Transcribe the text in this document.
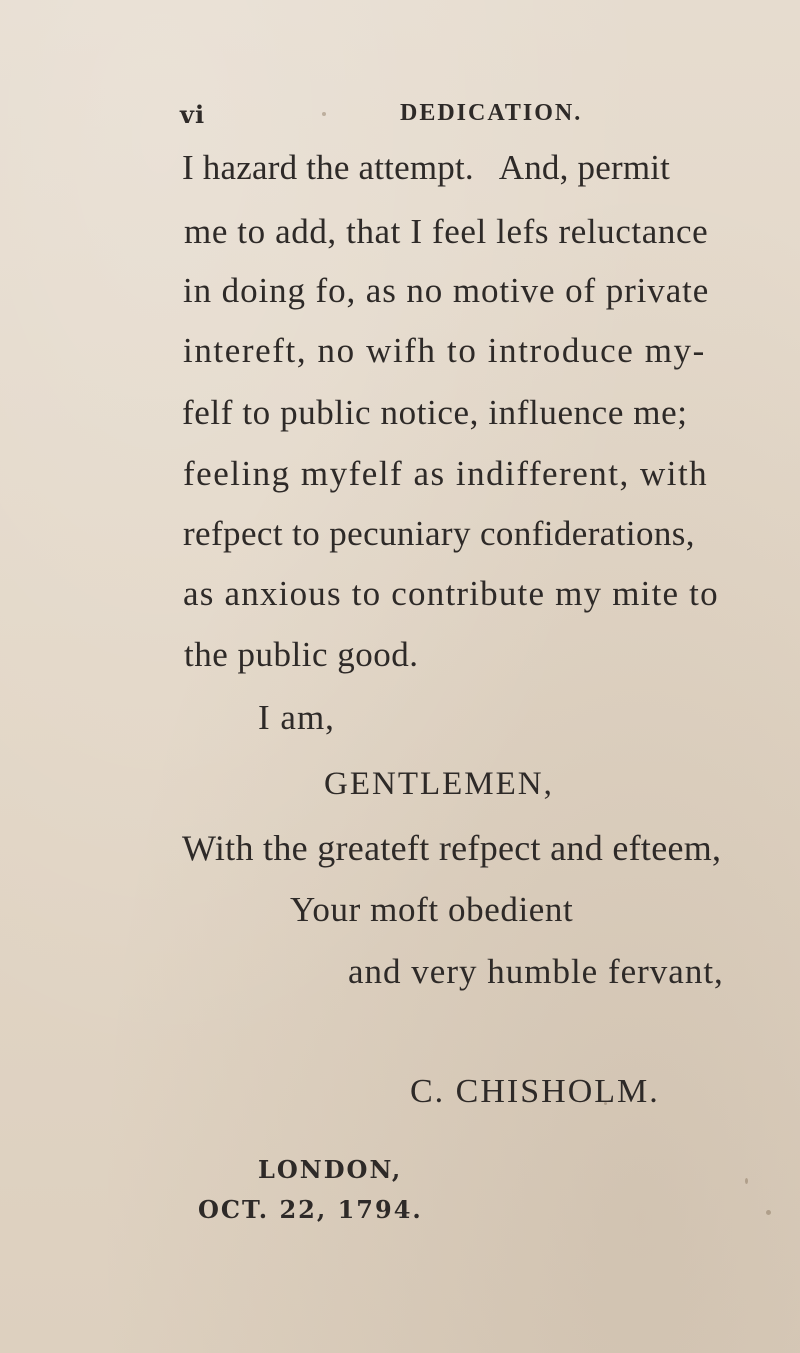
vi	DEDICATION.
I hazard the attempt.   And, permit
me to add, that I feel lefs reluctance
in doing fo, as no motive of private
intereft, no wifh to introduce my-
felf to public notice, influence me;
feeling myfelf as indifferent, with
refpect to pecuniary confiderations,
as anxious to contribute my mite to
the public good.
I am,
GENTLEMEN,
With the greateft refpect and efteem,
Your moft obedient
and very humble fervant,
C. CHISHOLM.
LONDON,
OCT. 22, 1794.
